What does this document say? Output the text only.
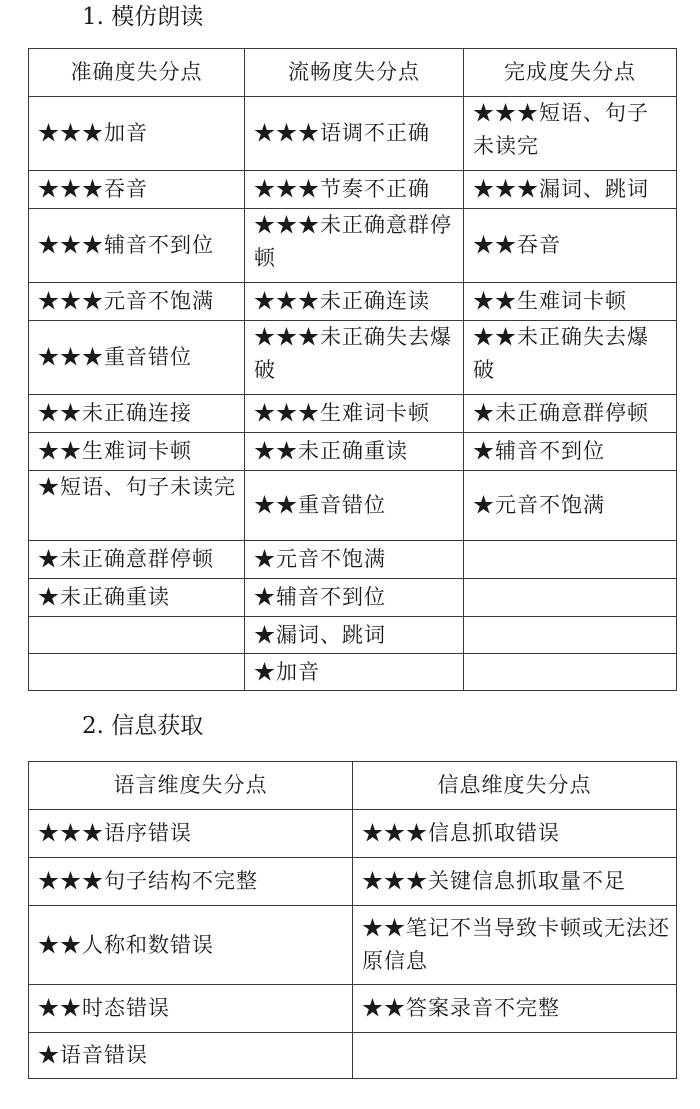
1. 模仿朗读
准确度失分点	流畅度失分点	完成度失分点
★★★加音	★★★语调不正确	★★★短语、句子未读完
★★★吞音	★★★节奏不正确	★★★漏词、跳词
★★★辅音不到位	★★★未正确意群停顿	★★吞音
★★★元音不饱满	★★★未正确连读	★★生难词卡顿
★★★重音错位	★★★未正确失去爆破	★★未正确失去爆破
★★未正确连接	★★★生难词卡顿	★未正确意群停顿
★★生难词卡顿	★★未正确重读	★辅音不到位
★短语、句子未读完	★★重音错位	★元音不饱满
★未正确意群停顿	★元音不饱满	
★未正确重读	★辅音不到位	
	★漏词、跳词	
	★加音	
2. 信息获取
语言维度失分点	信息维度失分点
★★★语序错误	★★★信息抓取错误
★★★句子结构不完整	★★★关键信息抓取量不足
★★人称和数错误	★★笔记不当导致卡顿或无法还原信息
★★时态错误	★★答案录音不完整
★语音错误	
